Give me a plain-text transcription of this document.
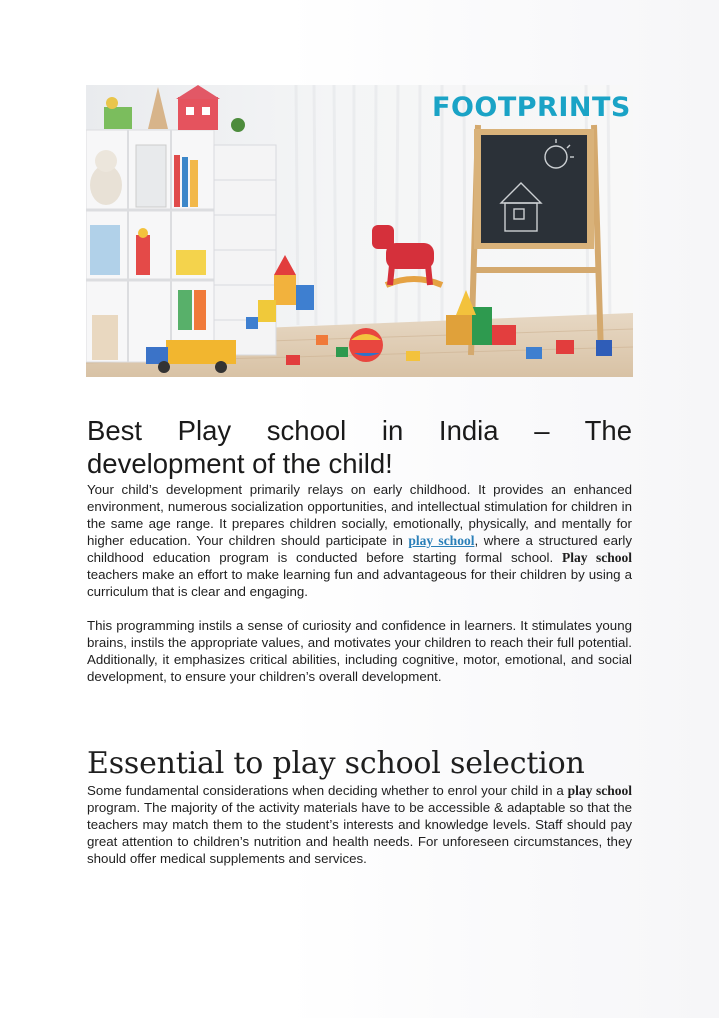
FOOTPRINTS
Best Play school in India – The
development of the child!

Your child’s development primarily relays on early childhood. It provides an enhanced environment, numerous socialization opportunities, and intellectual stimulation for children in the same age range. It prepares children socially, emotionally, physically, and mentally for higher education. Your children should participate in play school, where a structured early childhood education program is conducted before starting formal school. Play school teachers make an effort to make learning fun and advantageous for their children by using a curriculum that is clear and engaging.

This programming instils a sense of curiosity and confidence in learners. It stimulates young brains, instils the appropriate values, and motivates your children to reach their full potential. Additionally, it emphasizes critical abilities, including cognitive, motor, emotional, and social development, to ensure your children’s overall development.

Essential to play school selection

Some fundamental considerations when deciding whether to enrol your child in a play school program. The majority of the activity materials have to be accessible & adaptable so that the teachers may match them to the student’s interests and knowledge levels. Staff should pay great attention to children’s nutrition and health needs. For unforeseen circumstances, they should offer medical supplements and services.
